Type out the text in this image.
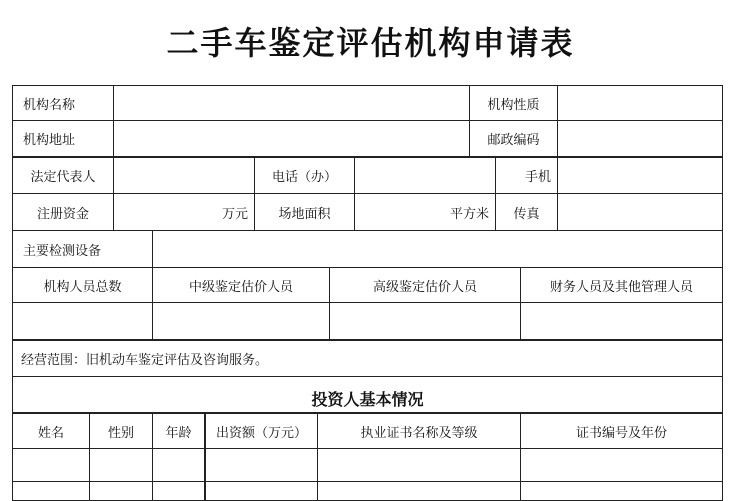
二手车鉴定评估机构申请表
机构名称	机构性质
机构地址	邮政编码
法定代表人	电话（办）	手机
注册资金	万元	场地面积	平方米	传真
主要检测设备
机构人员总数	中级鉴定估价人员	高级鉴定估价人员	财务人员及其他管理人员
经营范围：旧机动车鉴定评估及咨询服务。
投资人基本情况
姓名	性别	年龄	出资额（万元）	执业证书名称及等级	证书编号及年份
